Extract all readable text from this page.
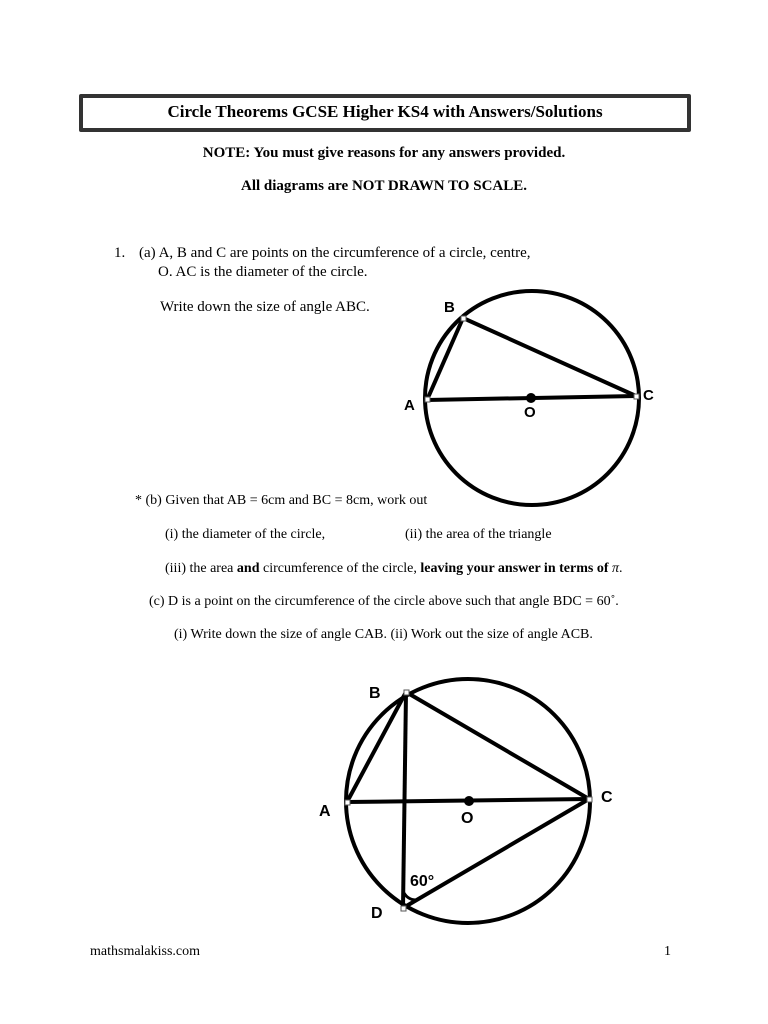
Circle Theorems GCSE Higher KS4 with Answers/Solutions
NOTE: You must give reasons for any answers provided.
All diagrams are NOT DRAWN TO SCALE.
1. (a) A, B and C are points on the circumference of a circle, centre,
O. AC is the diameter of the circle.
Write down the size of angle ABC.	B
A
C
O
* (b) Given that AB = 6cm and BC = 8cm, work out
(i) the diameter of the circle,	(ii) the area of the triangle
(iii) the area and circumference of the circle, leaving your answer in terms of π.
(c) D is a point on the circumference of the circle above such that angle BDC = 60˚.
(i) Write down the size of angle CAB. (ii) Work out the size of angle ACB.
B
A
C
O
D
60°
mathsmalakiss.com	1
